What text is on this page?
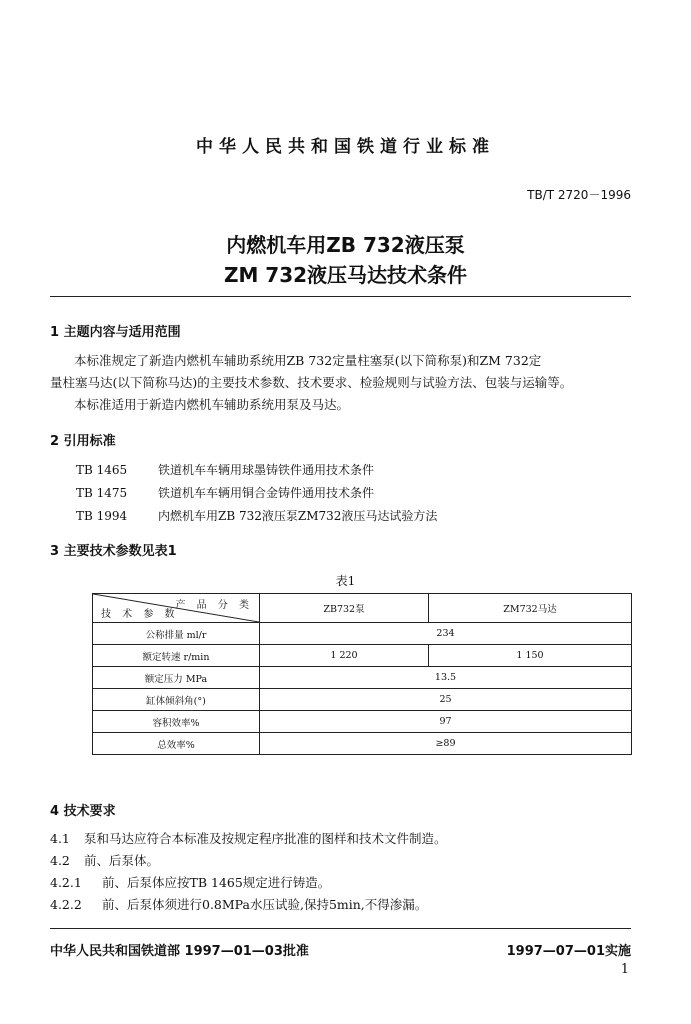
中华人民共和国铁道行业标准
TB/T 2720－1996
内燃机车用ZB 732液压泵
ZM 732液压马达技术条件
1 主题内容与适用范围
本标准规定了新造内燃机车辅助系统用ZB 732定量柱塞泵(以下简称泵)和ZM 732定
量柱塞马达(以下简称马达)的主要技术参数、技术要求、检验规则与试验方法、包装与运输等。
本标准适用于新造内燃机车辅助系统用泵及马达。
2 引用标准
TB 1465	铁道机车车辆用球墨铸铁件通用技术条件
TB 1475	铁道机车车辆用铜合金铸件通用技术条件
TB 1994	内燃机车用ZB 732液压泵ZM732液压马达试验方法
3 主要技术参数见表1
表1
产 品 分 类
技 术 参 数	ZB732泵	ZM732马达
公称排量 ml/r	234	
额定转速 r/min	1 220	1 150
额定压力 MPa	13.5	
缸体倾斜角(°)	25	
容积效率%	97	
总效率%	≥89	
4 技术要求
4.1 泵和马达应符合本标准及按规定程序批准的图样和技术文件制造。
4.2 前、后泵体。
4.2.1 前、后泵体应按TB 1465规定进行铸造。
4.2.2 前、后泵体须进行0.8MPa水压试验,保持5min,不得渗漏。
中华人民共和国铁道部 1997—01—03批准	1997—07—01实施
1
